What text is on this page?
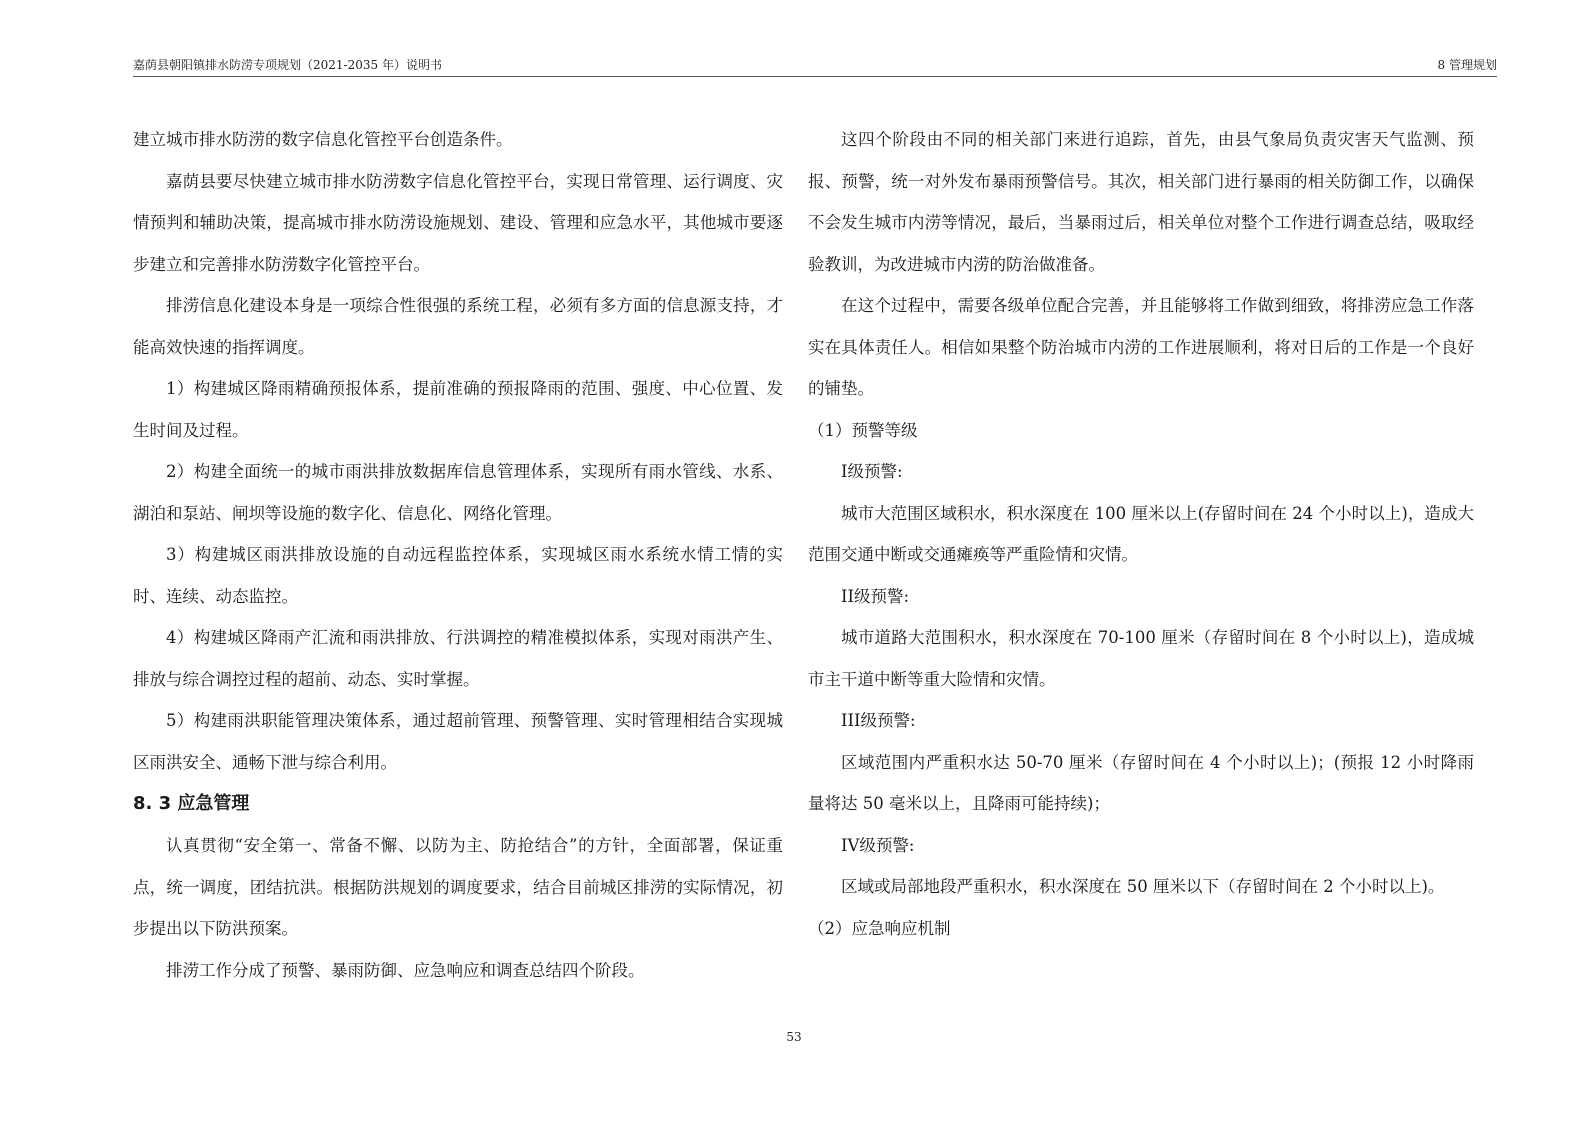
嘉荫县朝阳镇排水防涝专项规划（2021-2035 年）说明书	8 管理规划

建立城市排水防涝的数字信息化管控平台创造条件。

嘉荫县要尽快建立城市排水防涝数字信息化管控平台，实现日常管理、运行调度、灾情预判和辅助决策，提高城市排水防涝设施规划、建设、管理和应急水平，其他城市要逐步建立和完善排水防涝数字化管控平台。

排涝信息化建设本身是一项综合性很强的系统工程，必须有多方面的信息源支持，才能高效快速的指挥调度。

1）构建城区降雨精确预报体系，提前准确的预报降雨的范围、强度、中心位置、发生时间及过程。

2）构建全面统一的城市雨洪排放数据库信息管理体系，实现所有雨水管线、水系、湖泊和泵站、闸坝等设施的数字化、信息化、网络化管理。

3）构建城区雨洪排放设施的自动远程监控体系，实现城区雨水系统水情工情的实时、连续、动态监控。

4）构建城区降雨产汇流和雨洪排放、行洪调控的精准模拟体系，实现对雨洪产生、排放与综合调控过程的超前、动态、实时掌握。

5）构建雨洪职能管理决策体系，通过超前管理、预警管理、实时管理相结合实现城区雨洪安全、通畅下泄与综合利用。

8. 3 应急管理

认真贯彻“安全第一、常备不懈、以防为主、防抢结合”的方针，全面部署，保证重点，统一调度，团结抗洪。根据防洪规划的调度要求，结合目前城区排涝的实际情况，初步提出以下防洪预案。

排涝工作分成了预警、暴雨防御、应急响应和调查总结四个阶段。

这四个阶段由不同的相关部门来进行追踪，首先，由县气象局负责灾害天气监测、预报、预警，统一对外发布暴雨预警信号。其次，相关部门进行暴雨的相关防御工作，以确保不会发生城市内涝等情况，最后，当暴雨过后，相关单位对整个工作进行调查总结，吸取经验教训，为改进城市内涝的防治做准备。

在这个过程中，需要各级单位配合完善，并且能够将工作做到细致，将排涝应急工作落实在具体责任人。相信如果整个防治城市内涝的工作进展顺利，将对日后的工作是一个良好的铺垫。

（1）预警等级

I级预警:

城市大范围区域积水，积水深度在 100 厘米以上(存留时间在 24 个小时以上)，造成大范围交通中断或交通瘫痪等严重险情和灾情。

II级预警:

城市道路大范围积水，积水深度在 70-100 厘米（存留时间在 8 个小时以上)，造成城市主干道中断等重大险情和灾情。

III级预警:

区域范围内严重积水达 50-70 厘米（存留时间在 4 个小时以上)；(预报 12 小时降雨量将达 50 毫米以上，且降雨可能持续)；

IV级预警:

区域或局部地段严重积水，积水深度在 50 厘米以下（存留时间在 2 个小时以上)。

（2）应急响应机制

53
